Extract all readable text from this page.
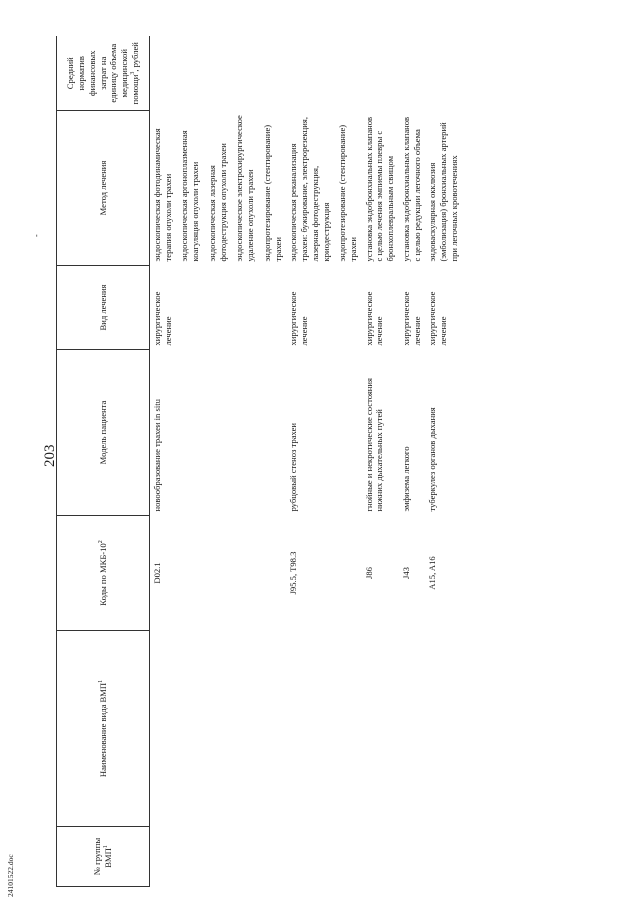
24101522.doc
-
203
№ группы ВМП$^1$	Наименование вида ВМП$^1$	Коды по МКБ-$10^2$	Модель пациента	Вид лечения	Метод лечения	Средний норматив финансовых затрат на единицу объема медицинской помощи$^3$, рублей
		D02.1	новообразование трахеи in situ	хирургическое лечение	эндоскопическая фотодинамическая терапия опухоли трахеи эндоскопическая аргоноплазменная коагуляция опухоли трахеи эндоскопическая лазерная фотодеструкция опухоли трахеи эндоскопическое электрохирургическое удаление опухоли трахеи эндопротезирование (стентирование) трахеи	

		J95.5, T98.3	рубцовый стеноз трахеи	хирургическое лечение	эндоскопическая реканализация трахеи: бужирование, электрорезекция, лазерная фотодеструкция, криодеструкция эндопротезирование (стентирование) трахеи	

		J86	гнойные и некротические состояния нижних дыхательных путей	хирургическое лечение	установка эндобронхиальных клапанов с целью лечения эмпиемы плевры с бронхоплевральным свищом	

		J43	эмфизема легкого	хирургическое лечение	установка эндобронхиальных клапанов с целью редукции легочного объема	

		A15, A16	туберкулез органов дыхания	хирургическое лечение	эндоваскулярная окклюзия (эмболизация) бронхиальных артерий при легочных кровотечениях	
